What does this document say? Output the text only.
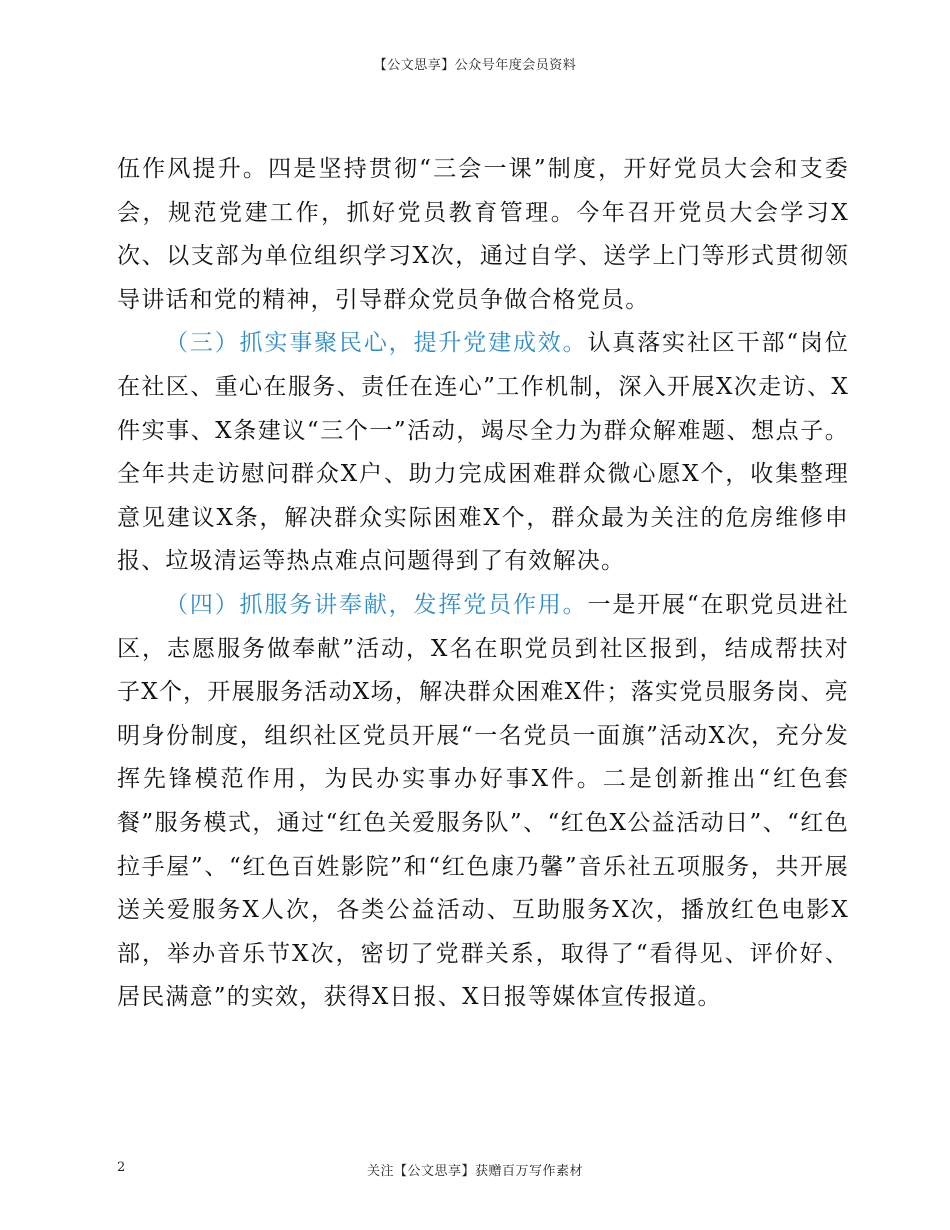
【公文思享】公众号年度会员资料

伍作风提升。四是坚持贯彻“三会一课”制度，开好党员大会和支委会，规范党建工作，抓好党员教育管理。今年召开党员大会学习X次、以支部为单位组织学习X次，通过自学、送学上门等形式贯彻领导讲话和党的精神，引导群众党员争做合格党员。

（三）抓实事聚民心，提升党建成效。认真落实社区干部“岗位在社区、重心在服务、责任在连心”工作机制，深入开展X次走访、X件实事、X条建议“三个一”活动，竭尽全力为群众解难题、想点子。全年共走访慰问群众X户、助力完成困难群众微心愿X个，收集整理意见建议X条，解决群众实际困难X个，群众最为关注的危房维修申报、垃圾清运等热点难点问题得到了有效解决。

（四）抓服务讲奉献，发挥党员作用。一是开展“在职党员进社区，志愿服务做奉献”活动，X名在职党员到社区报到，结成帮扶对子X个，开展服务活动X场，解决群众困难X件；落实党员服务岗、亮明身份制度，组织社区党员开展“一名党员一面旗”活动X次，充分发挥先锋模范作用，为民办实事办好事X件。二是创新推出“红色套餐”服务模式，通过“红色关爱服务队”、“红色X公益活动日”、“红色拉手屋”、“红色百姓影院”和“红色康乃馨”音乐社五项服务，共开展送关爱服务X人次，各类公益活动、互助服务X次，播放红色电影X部，举办音乐节X次，密切了党群关系，取得了“看得见、评价好、居民满意”的实效，获得X日报、X日报等媒体宣传报道。

2	关注【公文思享】获赠百万写作素材
